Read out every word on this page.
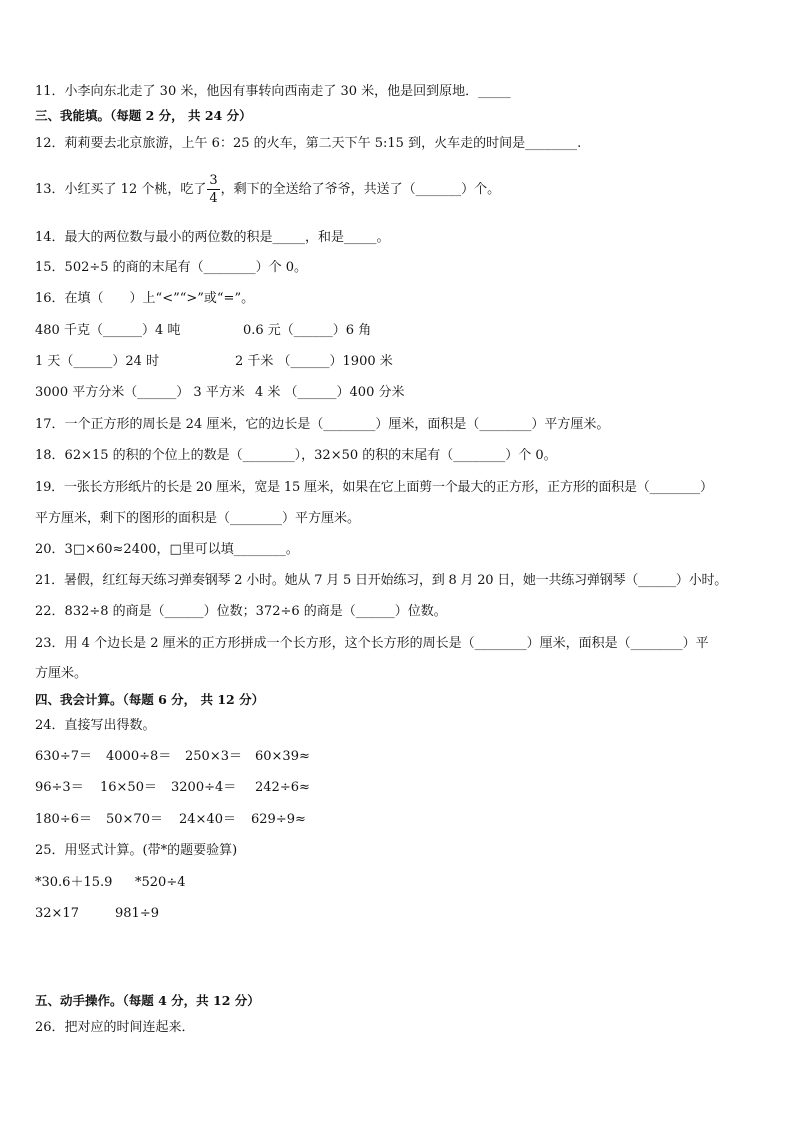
11．小李向东北走了 30 米，他因有事转向西南走了 30 米，他是回到原地．_____
三、我能填。（每题 2 分， 共 24 分）
12．莉莉要去北京旅游，上午 6：25 的火车，第二天下午 5:15 到，火车走的时间是________.
13．小红买了 12 个桃，吃了 $\frac{3}{4}$ ，剩下的全送给了爷爷，共送了（_______）个。
14．最大的两位数与最小的两位数的积是_____，和是_____。
15．502÷5 的商的末尾有（________）个 0。
16．在填（　　）上“<”“>”或“=”。
480 千克（______）4 吨	0.6 元（______）6 角
1 天（______）24 时	2 千米 （______）1900 米
3000 平方分米（______） 3 平方米 4 米 （______）400 分米
17．一个正方形的周长是 24 厘米，它的边长是（________）厘米，面积是（________）平方厘米。
18．62×15 的积的个位上的数是（________），32×50 的积的末尾有（________）个 0。
19．一张长方形纸片的长是 20 厘米，宽是 15 厘米，如果在它上面剪一个最大的正方形，正方形的面积是（________）
平方厘米，剩下的图形的面积是（________）平方厘米。
20．3□×60≈2400，□里可以填________。
21．暑假，红红每天练习弹奏钢琴 2 小时。她从 7 月 5 日开始练习，到 8 月 20 日，她一共练习弹钢琴（______）小时。
22．832÷8 的商是（______）位数；372÷6 的商是（______）位数。
23．用 4 个边长是 2 厘米的正方形拼成一个长方形，这个长方形的周长是（________）厘米，面积是（________）平
方厘米。
四、我会计算。（每题 6 分， 共 12 分）
24．直接写出得数。
630÷7＝ 4000÷8＝ 250×3＝ 60×39≈
96÷3＝ 16×50＝ 3200÷4＝ 242÷6≈
180÷6＝ 50×70＝ 24×40＝ 629÷9≈
25．用竖式计算。(带*的题要验算)
*30.6＋15.9 *520÷4
32×17	981÷9
五、动手操作。（每题 4 分，共 12 分）
26．把对应的时间连起来．
